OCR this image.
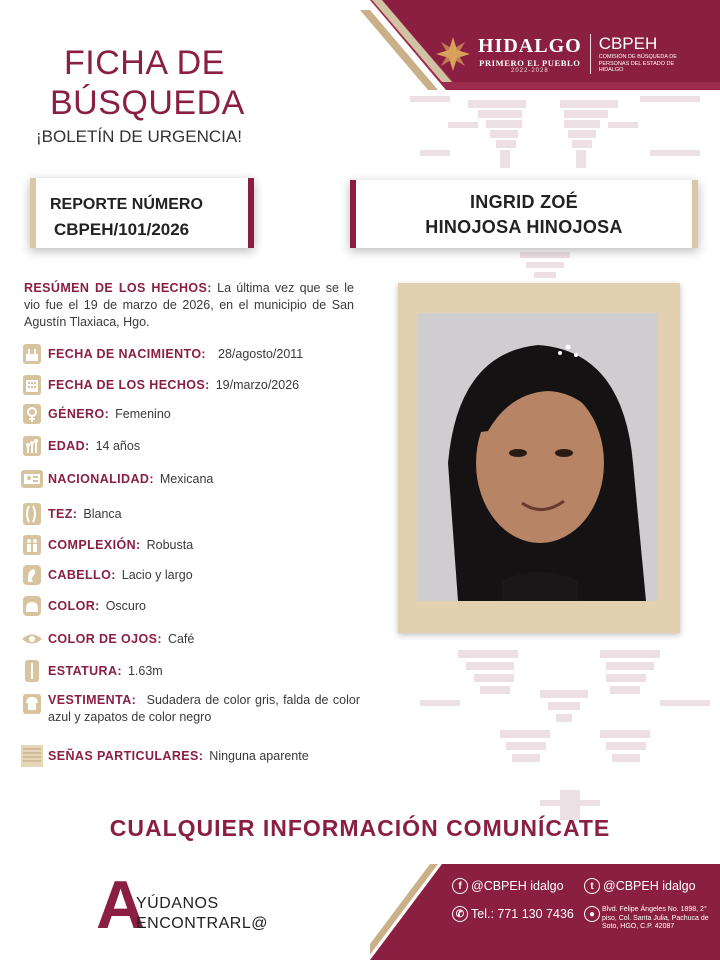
HIDALGO
PRIMERO EL PUEBLO
2022-2028
CBPEH
COMISIÓN DE BÚSQUEDA DE PERSONAS DEL ESTADO DE HIDALGO
FICHA DE
BÚSQUEDA
¡BOLETÍN DE URGENCIA!
REPORTE NÚMERO
CBPEH/101/2026
INGRID ZOÉ
HINOJOSA HINOJOSA
RESÚMEN DE LOS HECHOS: La última vez que se le vio fue el 19 de marzo de 2026, en el municipio de San Agustín Tlaxiaca, Hgo.
FECHA DE NACIMIENTO: 28/agosto/2011
FECHA DE LOS HECHOS: 19/marzo/2026
GÉNERO: Femenino
EDAD: 14 años
NACIONALIDAD: Mexicana
TEZ: Blanca
COMPLEXIÓN: Robusta
CABELLO: Lacio y largo
COLOR: Oscuro
COLOR DE OJOS: Café
ESTATURA: 1.63m
VESTIMENTA: Sudadera de color gris, falda de color azul y zapatos de color negro
SEÑAS PARTICULARES: Ninguna aparente
CUALQUIER INFORMACIÓN COMUNÍCATE
A
YÚDANOS
ENCONTRARL@
f @CBPEH idalgo	t @CBPEH idalgo
✆ Tel.: 771 130 7436	● Blvd. Felipe Ángeles No. 1898, 2° piso, Col. Santa Julia, Pachuca de Soto, HGO, C.P. 42087
